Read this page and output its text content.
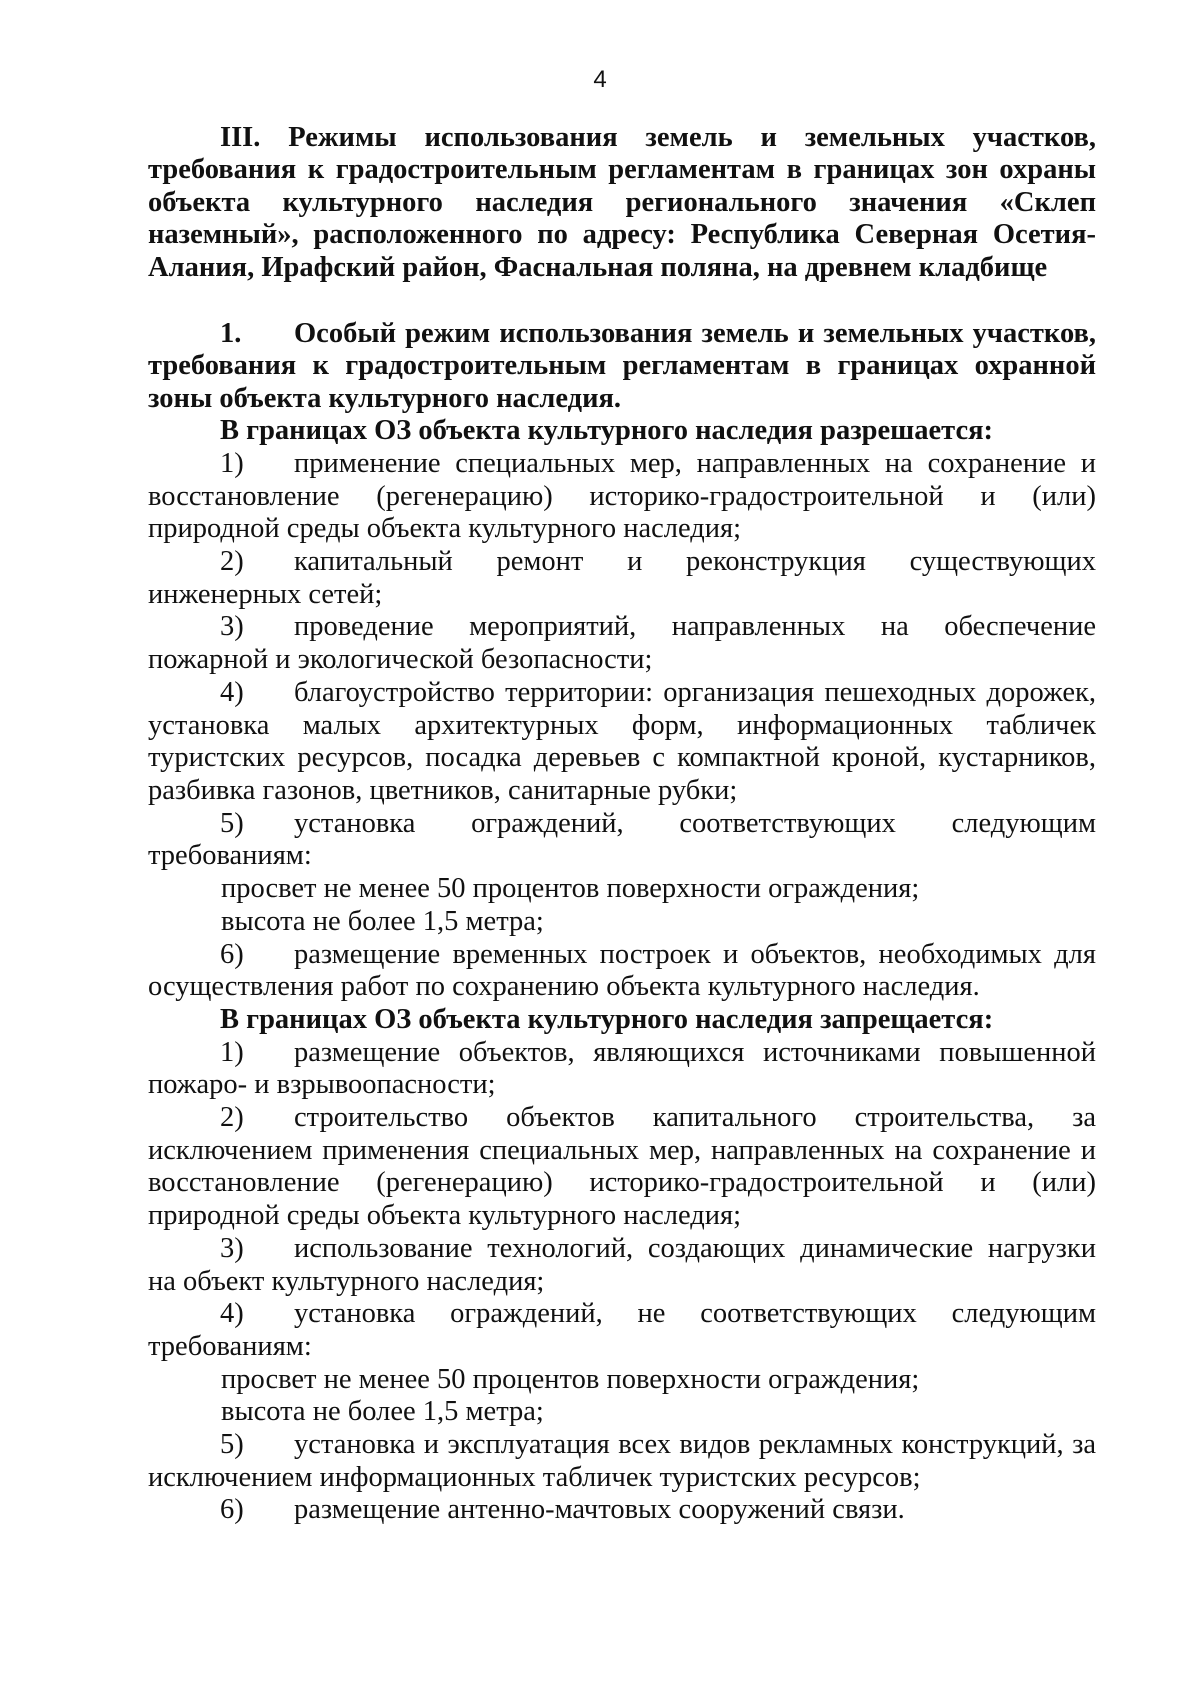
4

III. Режимы использования земель и земельных участков, требования к градостроительным регламентам в границах зон охраны объекта культурного наследия регионального значения «Склеп наземный», расположенного по адресу: Республика Северная Осетия-Алания, Ирафский район, Фаснальная поляна, на древнем кладбище

1. Особый режим использования земель и земельных участков, требования к градостроительным регламентам в границах охранной зоны объекта культурного наследия.

В границах ОЗ объекта культурного наследия разрешается:

1) применение специальных мер, направленных на сохранение и восстановление (регенерацию) историко-градостроительной и (или) природной среды объекта культурного наследия;

2) капитальный ремонт и реконструкция существующих инженерных сетей;

3) проведение мероприятий, направленных на обеспечение пожарной и экологической безопасности;

4) благоустройство территории: организация пешеходных дорожек, установка малых архитектурных форм, информационных табличек туристских ресурсов, посадка деревьев с компактной кроной, кустарников, разбивка газонов, цветников, санитарные рубки;

5) установка ограждений, соответствующих следующим требованиям:

просвет не менее 50 процентов поверхности ограждения;

высота не более 1,5 метра;

6) размещение временных построек и объектов, необходимых для осуществления работ по сохранению объекта культурного наследия.

В границах ОЗ объекта культурного наследия запрещается:

1) размещение объектов, являющихся источниками повышенной пожаро- и взрывоопасности;

2) строительство объектов капитального строительства, за исключением применения специальных мер, направленных на сохранение и восстановление (регенерацию) историко-градостроительной и (или) природной среды объекта культурного наследия;

3) использование технологий, создающих динамические нагрузки на объект культурного наследия;

4) установка ограждений, не соответствующих следующим требованиям:

просвет не менее 50 процентов поверхности ограждения;

высота не более 1,5 метра;

5) установка и эксплуатация всех видов рекламных конструкций, за исключением информационных табличек туристских ресурсов;

6) размещение антенно-мачтовых сооружений связи.
